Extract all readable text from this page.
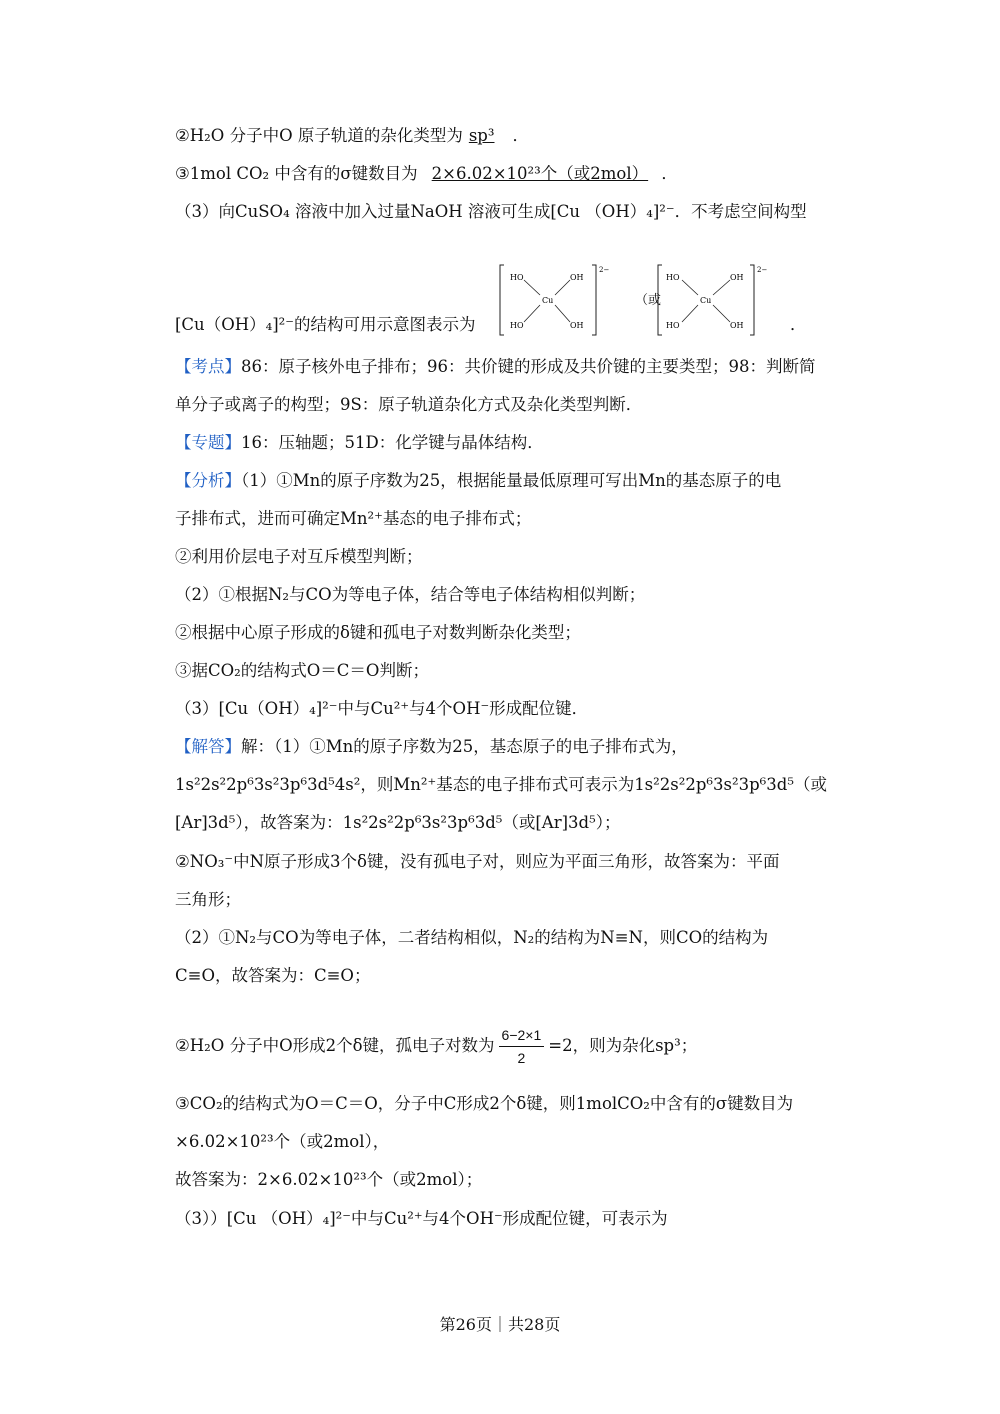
②H₂O 分子中O 原子轨道的杂化类型为 sp³ ．
③1mol CO₂ 中含有的σ键数目为 2×6.02×10²³个（或2mol） ．
（3）向CuSO₄ 溶液中加入过量NaOH 溶液可生成[Cu （OH）₄]²⁻．不考虑空间构型
[Cu（OH）₄]²⁻的结构可用示意图表示为
HO	OH
HO	OH
Cu
2−
（或
HO	OH
HO	OH
Cu
2−
．
【考点】86：原子核外电子排布；96：共价键的形成及共价键的主要类型；98：判断简
单分子或离子的构型；9S：原子轨道杂化方式及杂化类型判断．
【专题】16：压轴题；51D：化学键与晶体结构．
【分析】（1）①Mn的原子序数为25，根据能量最低原理可写出Mn的基态原子的电
子排布式，进而可确定Mn²⁺基态的电子排布式；
②利用价层电子对互斥模型判断；
（2）①根据N₂与CO为等电子体，结合等电子体结构相似判断；
②根据中心原子形成的δ键和孤电子对数判断杂化类型；
③据CO₂的结构式O＝C＝O判断；
（3）[Cu（OH）₄]²⁻中与Cu²⁺与4个OH⁻形成配位键．
【解答】解：（1）①Mn的原子序数为25，基态原子的电子排布式为，
1s²2s²2p⁶3s²3p⁶3d⁵4s²，则Mn²⁺基态的电子排布式可表示为1s²2s²2p⁶3s²3p⁶3d⁵（或
[Ar]3d⁵），故答案为：1s²2s²2p⁶3s²3p⁶3d⁵（或[Ar]3d⁵）；
②NO₃⁻中N原子形成3个δ键，没有孤电子对，则应为平面三角形，故答案为：平面
三角形；
（2）①N₂与CO为等电子体，二者结构相似，N₂的结构为N≡N，则CO的结构为
C≡O，故答案为：C≡O；
②H₂O 分子中O形成2个δ键，孤电子对数为 $\frac{6-2\times 1}{2} =2$，则为杂化sp³；
③CO₂的结构式为O＝C＝O，分子中C形成2个δ键，则1molCO₂中含有的σ键数目为
×6.02×10²³个（或2mol），
故答案为：2×6.02×10²³个（或2mol）；
（3））[Cu （OH）₄]²⁻中与Cu²⁺与4个OH⁻形成配位键，可表示为
第26页｜共28页
